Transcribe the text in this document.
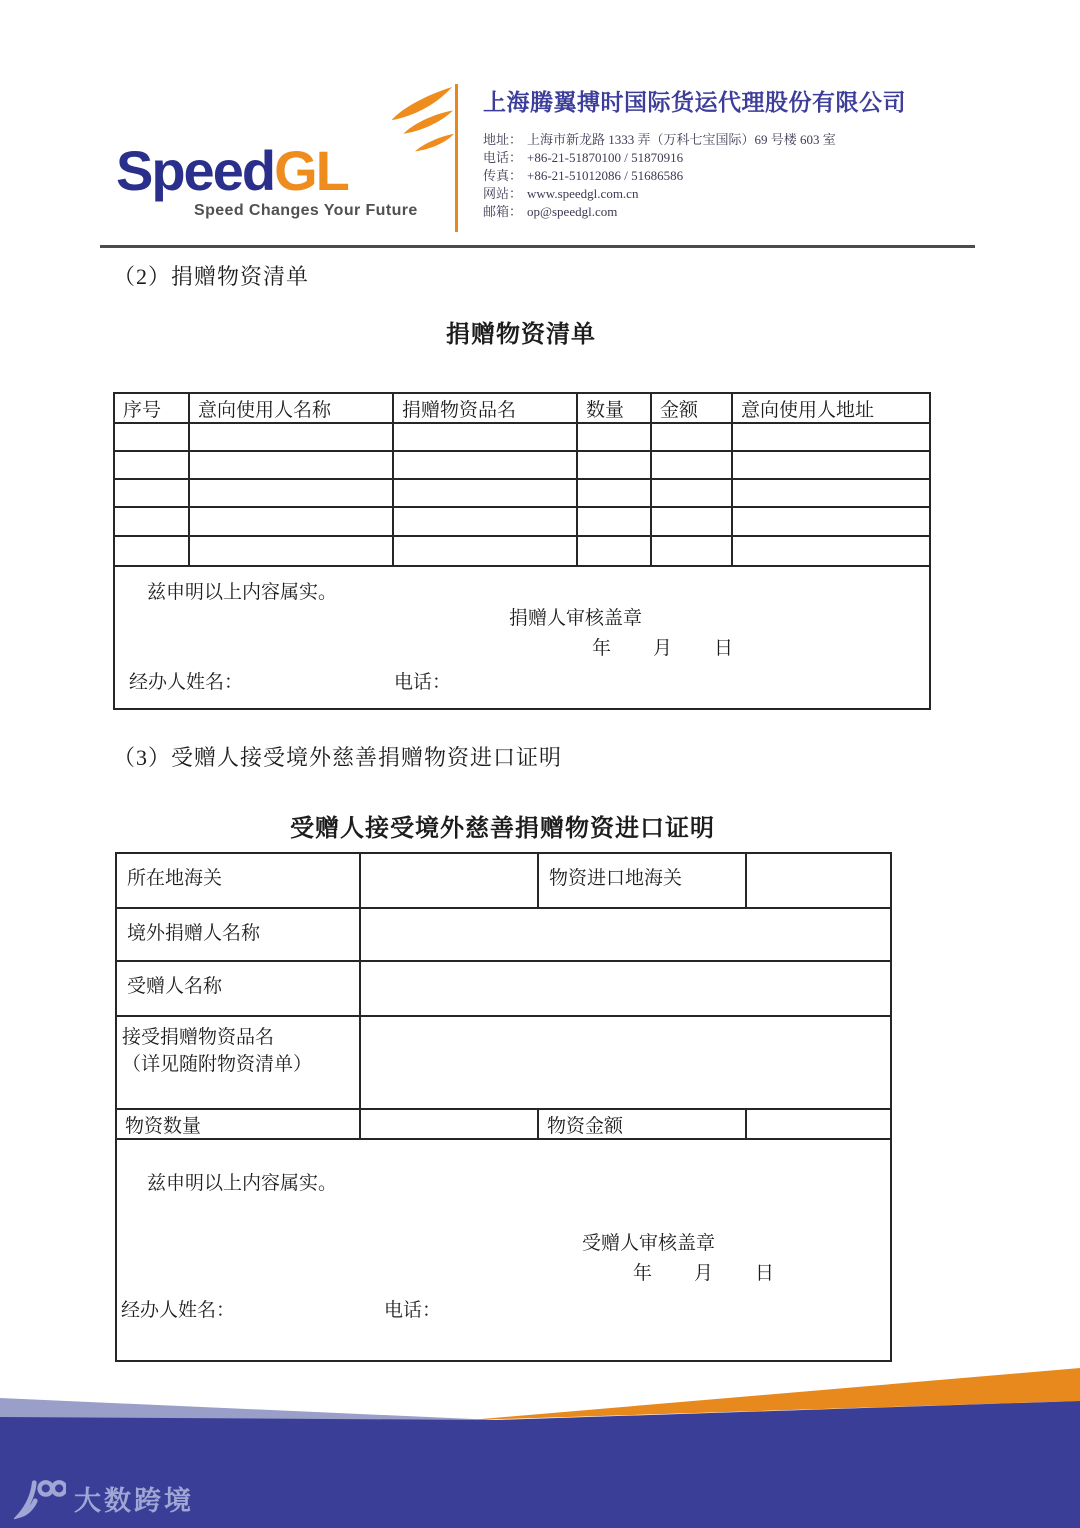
SpeedGL
Speed Changes Your Future
上海腾翼搏时国际货运代理股份有限公司
地址： 上海市新龙路 1333 弄（万科七宝国际）69 号楼 603 室
电话： +86-21-51870100 / 51870916
传真： +86-21-51012086 / 51686586
网站： www.speedgl.com.cn
邮箱： op@speedgl.com
（2）捐赠物资清单
捐赠物资清单
序号	意向使用人名称	捐赠物资品名	数量	金额	意向使用人地址

兹申明以上内容属实。
捐赠人审核盖章
年 月 日
经办人姓名： 电话：					
（3）受赠人接受境外慈善捐赠物资进口证明
受赠人接受境外慈善捐赠物资进口证明
所在地海关		物资进口地海关	
境外捐赠人名称			
受赠人名称			

接受捐赠物资品名
（详见随附物资清单）			

物资数量		物资金额	

兹申明以上内容属实。
受赠人审核盖章
年 月 日
经办人姓名： 电话：			
大数跨境
